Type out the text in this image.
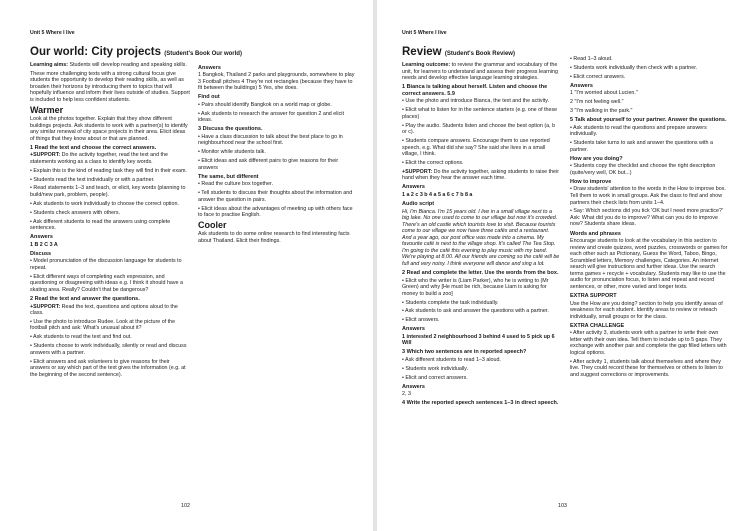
Unit 5 Where I live
Our world: City projects (Student's Book Our world)

Learning aims: Students will develop reading and speaking skills.

These more challenging texts with a strong cultural focus give students the opportunity to develop their reading skills, as well as broaden their horizons by introducing them to topics that will hopefully influence and inform their lives outside of studies. Support is included to help less confident students.

Warmer

Look at the photos together. Explain that they show different buildings projects. Ask students to work with a partner(s) to identify any similar renewal of city space projects in their area. Elicit ideas of things that they know about or that are planned.

1 Read the text and choose the correct answers.

+SUPPORT: Do the activity together, read the text and the statements working as a class to identify key words.

• Explain this is the kind of reading task they will find in their exam.

• Students read the text individually or with a partner.

• Read statements 1–3 and teach, or elicit, key words (planning to build/new park, problem, people).

• Ask students to work individually to choose the correct option.

• Students check answers with others.

• Ask different students to read the answers using complete sentences.

Answers

1 B 2 C 3 A

Discuss

• Model pronunciation of the discussion language for students to repeat.

• Elicit different ways of completing each expression, and questioning or disagreeing with ideas e.g. I think it should have a skating area. Really? Couldn't that be dangerous?

2 Read the text and answer the questions.

+SUPPORT: Read the text, questions and options aloud to the class.

• Use the photo to introduce Rudee. Look at the picture of the football pitch and ask: What's unusual about it?

• Ask students to read the text and find out.

• Students choose to work individually, silently or read and discuss answers with a partner.

• Elicit answers and ask volunteers to give reasons for their answers or say which part of the text gives the information (e.g. at the beginning of the second sentence).

Answers

1 Bangkok, Thailand 2 parks and playgrounds, somewhere to play 3 Football pitches 4 They're not rectangles (because they have to fit between the buildings) 5 Yes, she does.

Find out

• Pairs should identify Bangkok on a world map or globe.

• Ask students to research the answer for question 2 and elicit ideas.

3 Discuss the questions.

• Have a class discussion to talk about the best place to go in neighbourhood near the school first.

• Monitor while students talk.

• Elicit ideas and ask different pairs to give reasons for their answers

The same, but different

• Read the culture box together.

• Tell students to discuss their thoughts about the information and answer the question in pairs.

• Elicit ideas about the advantages of meeting up with others face to face to practise English.

Cooler

Ask students to do some online research to find interesting facts about Thailand. Elicit their findings.

102
Unit 5 Where I live
Review (Student's Book Review)

Learning outcome: to review the grammar and vocabulary of the unit, for learners to understand and assess their progress learning needs and develop effective language learning strategies.

1 Bianca is talking about herself. Listen and choose the correct answers. 5.9

• Use the photo and introduce Bianca, the text and the activity.

• Elicit what to listen for in the sentence starters (e.g. one of these places)

• Play the audio. Students listen and choose the best option (a, b or c).

• Students compare answers. Encourage them to use reported speech, e.g. What did she say? She said she lives in a small village, I think.

• Elicit the correct options.

+SUPPORT: Do the activity together, asking students to raise their hand when they hear the answer each time.

Answers

1 a 2 c 3 b 4 a 5 a 6 c 7 b 8 a

Audio script

Hi, I'm Bianca. I'm 15 years old. I live in a small village next to a big lake. No one used to come to our village but now it's crowded. There's an old castle which tourists love to visit. Because tourists come to our village we now have three cafés and a restaurant. And a year ago, our post office was made into a cinema. My favourite café is next to the village shop. It's called The Tea Stop. I'm going to the café this evening to play music with my band. We're playing at 8.00. All our friends are coming so the café will be full and very noisy. I think everyone will dance and sing a lot.

2 Read and complete the letter. Use the words from the box.

• Elicit who the writer is (Liam Parker), who he is writing to (Mr Green) and why [He must be rich, because Liam is asking for money to build a zoo]

• Students complete the task individually.

• Ask students to ask and answer the questions with a partner.

• Elicit answers.

Answers

1 interested 2 neighbourhood 3 behind 4 used to 5 pick up 6 Will

3 Which two sentences are in reported speech?

• Ask different students to read 1–3 aloud.

• Students work individually.

• Elicit and correct answers.

Answers

2, 3

4 Write the reported speech sentences 1–3 in direct speech.

• Read 1–3 aloud.

• Students work individually then check with a partner.

• Elicit correct answers.

Answers

1 "I'm worried about Lucien."

2 "I'm not feeling well."

3 "I'm walking in the park."

5 Talk about yourself to your partner. Answer the questions.

• Ask students to read the questions and prepare answers individually.

• Students take turns to ask and answer the questions with a partner.

How are you doing?

• Students copy the checklist and choose the right description (quite/very well, OK but...)

How to improve

• Draw students' attention to the words in the How to improve box. Tell them to work in small groups. Ask the class to find and show partners their check lists from units 1–4.

• Say: Which sections did you tick 'OK but I need more practice?' Ask: What did you do to improve? What can you do to improve now? Students share ideas.

Words and phrases

Encourage students to look at the vocabulary in this section to review and create quizzes, word puzzles, crosswords or games for each other such as Pictionary, Guess the Word, Taboo, Bingo, Scrambled letters, Memory challenges, Categories. An internet search will give instructions and further ideas. Use the search terms games + recycle + vocabulary. Students may like to use the audio for pronunciation focus, to listen and repeat and record sentences, or other, more varied and longer texts.

EXTRA SUPPORT

Use the How are you doing? section to help you identify areas of weakness for each student. Identify areas to review or reteach individually, small groups or for the class.

EXTRA CHALLENGE

• After activity 3, students work with a partner to write their own letter with their own idea. Tell them to include up to 5 gaps. They exchange with another pair and complete the gap filled letters with logical options.

• After activity 1, students talk about themselves and where they live. They could record these for themselves or others to listen to and suggest corrections or improvements.

103
